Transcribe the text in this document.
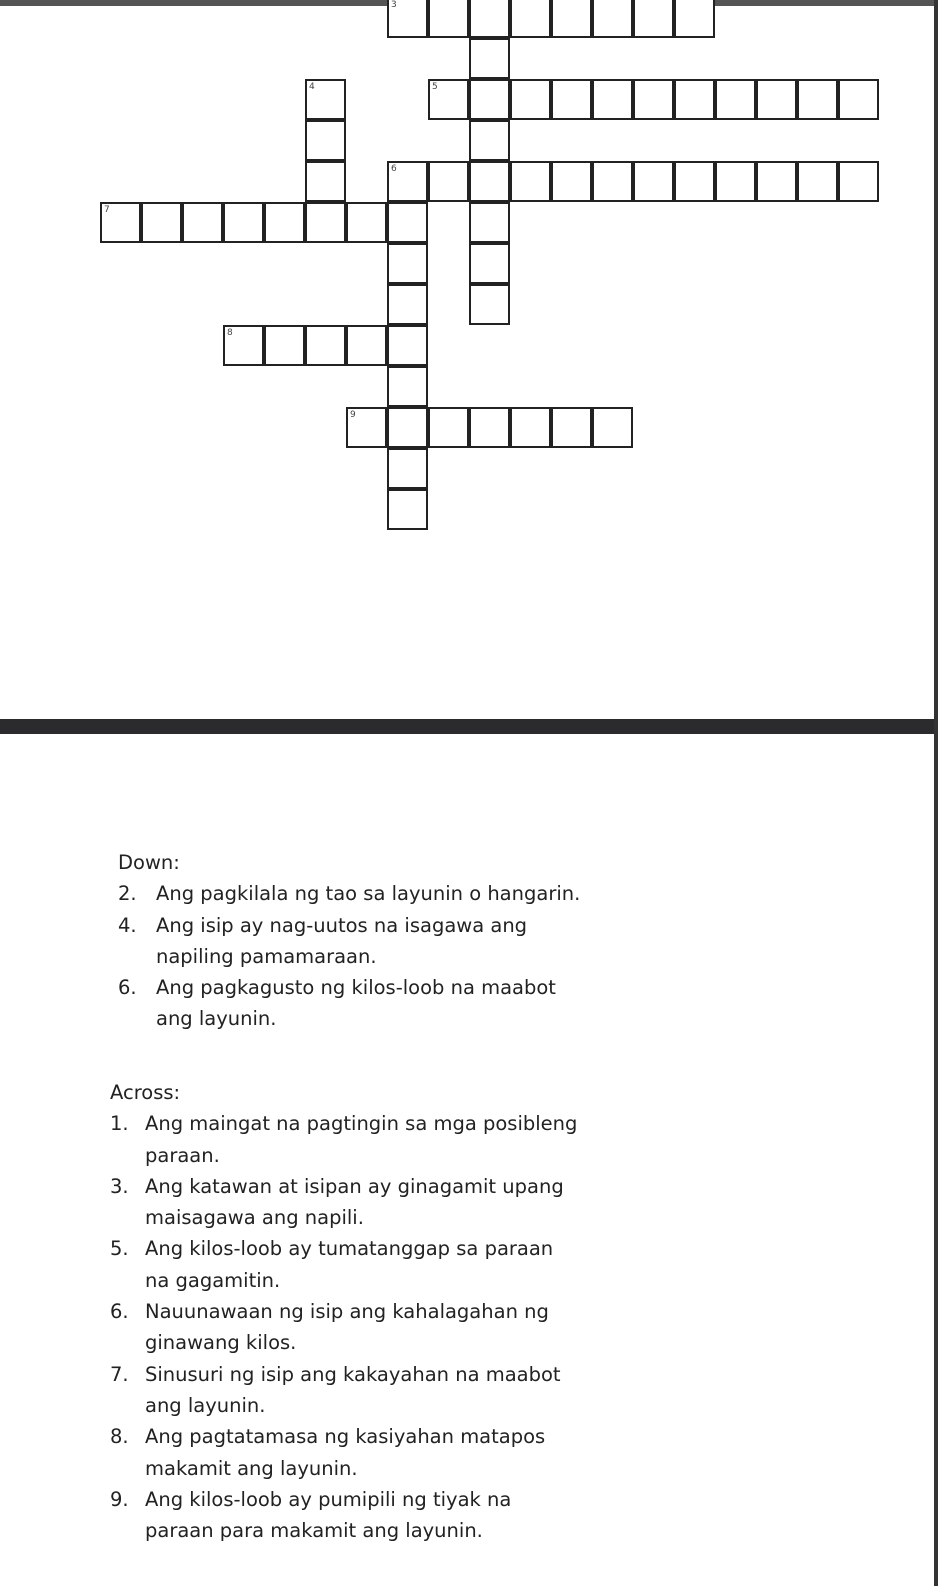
3
4	5
6
7
8
9
Down:
2. Ang pagkilala ng tao sa layunin o hangarin.
4. Ang isip ay nag-uutos na isagawa ang
napiling pamamaraan.
6. Ang pagkagusto ng kilos-loob na maabot
ang layunin.
Across:
1. Ang maingat na pagtingin sa mga posibleng
paraan.
3. Ang katawan at isipan ay ginagamit upang
maisagawa ang napili.
5. Ang kilos-loob ay tumatanggap sa paraan
na gagamitin.
6. Nauunawaan ng isip ang kahalagahan ng
ginawang kilos.
7. Sinusuri ng isip ang kakayahan na maabot
ang layunin.
8. Ang pagtatamasa ng kasiyahan matapos
makamit ang layunin.
9. Ang kilos-loob ay pumipili ng tiyak na
paraan para makamit ang layunin.
